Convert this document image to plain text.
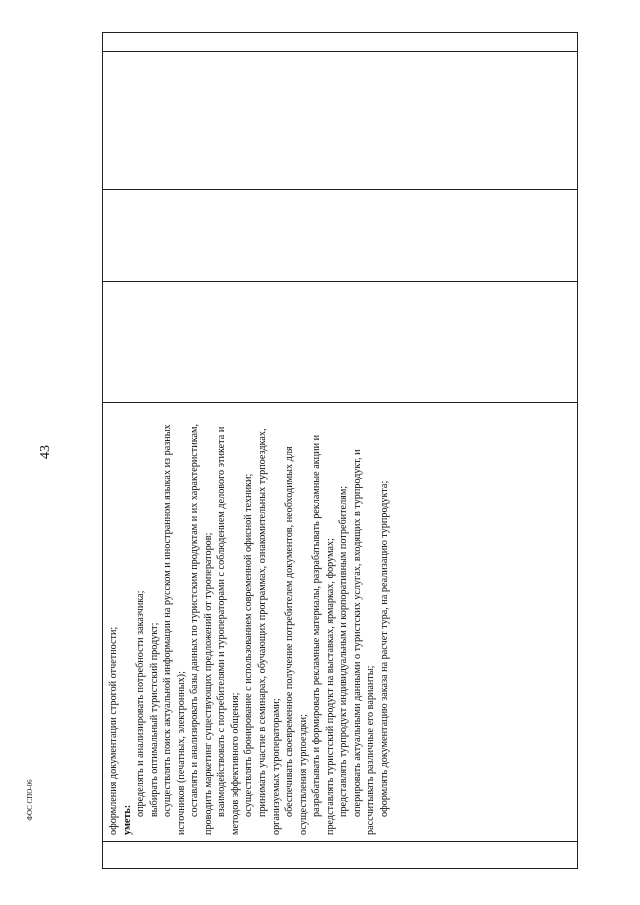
43
ФОС СПО-06
		оформления документации строгой отчетности; уметь:

определять и анализировать потребности заказчика; выбирать оптимальный туристский продукт; осуществлять поиск актуальной информации на русском и иностранном языках из разных источников (печатных, электронных); составлять и анализировать базы данных по туристским продуктам и их характеристикам, проводить маркетинг существующих предложений от туроператоров; взаимодействовать с потребителями и туроператорами с соблюдением делового этикета и методов эффективного общения; осуществлять бронирование с использованием современной офисной техники; принимать участие в семинарах, обучающих программах, ознакомительных турпоездках, организуемых туроператорами; обеспечивать своевременное получение потребителем документов, необходимых для осуществления турпоездки; разрабатывать и формировать рекламные материалы, разрабатывать рекламные акции и представлять туристский продукт на выставках, ярмарках, форумах; представлять турпродукт индивидуальным и корпоративным потребителям; оперировать актуальными данными о туристских услугах, входящих в турпродукт, и рассчитывать различные его варианты; оформлять документацию заказа на расчет тура, на реализацию турпродукта;
